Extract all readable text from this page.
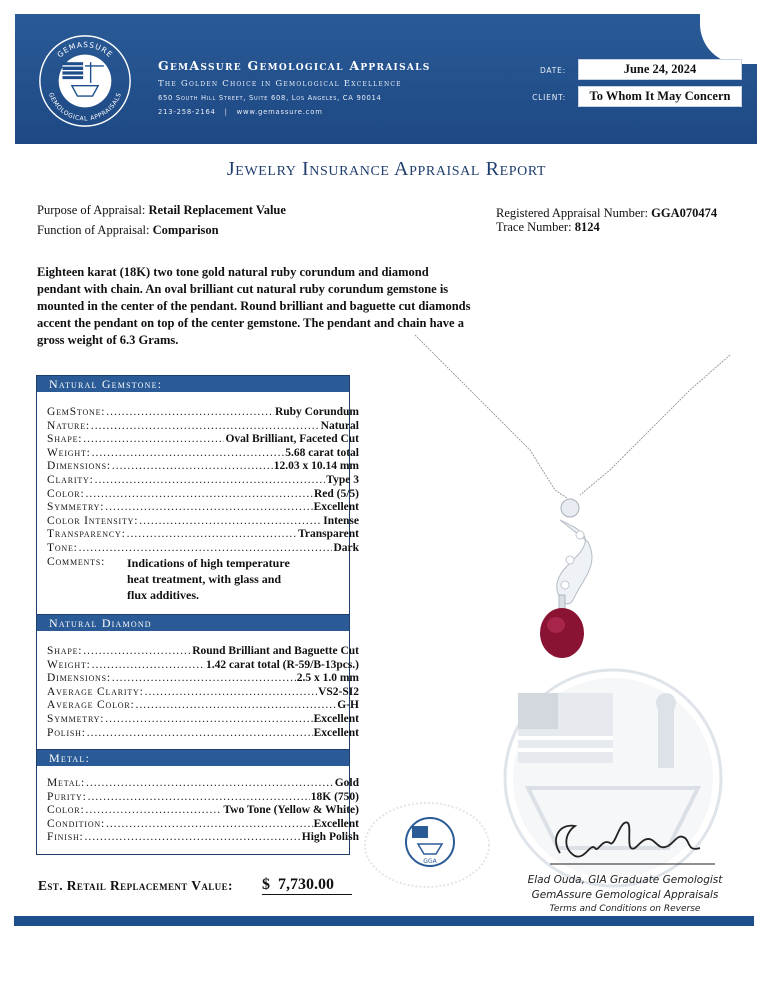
GEMASSURE
GEMOLOGICAL APPRAISALS
GemAssure Gemological Appraisals
The Golden Choice in Gemological Excellence
650 South Hill Street, Suite 608, Los Angeles, CA 90014
213-258-2164 | www.gemassure.com
DATE:	June 24, 2024
CLIENT:	To Whom It May Concern
Jewelry Insurance Appraisal Report
Purpose of Appraisal: Retail Replacement Value
Function of Appraisal: Comparison
Registered Appraisal Number: GGA070474
Trace Number: 8124
Eighteen karat (18K) two tone gold natural ruby corundum and diamond pendant with chain. An oval brilliant cut natural ruby corundum gemstone is mounted in the center of the pendant. Round brilliant and baguette cut diamonds accent the pendant on top of the center gemstone. The pendant and chain have a gross weight of 6.3 Grams.
Natural Gemstone:
GemStone: .....	Ruby Corundum
Nature: .....	Natural
Shape: .....	Oval Brilliant, Faceted Cut
Weight: .....	5.68 carat total
Dimensions: .....	12.03 x 10.14 mm
Clarity: .....	Type 3
Color: .....	Red (5/5)
Symmetry: .....	Excellent
Color Intensity: .....	Intense
Transparency: .....	Transparent
Tone: .....	Dark
Comments:	Indications of high temperature
heat treatment, with glass and
flux additives.
Natural Diamond
Shape: .....	Round Brilliant and Baguette Cut
Weight: .....	1.42 carat total (R-59/B-13pcs.)
Dimensions: .....	2.5 x 1.0 mm
Average Clarity: .....	VS2-SI2
Average Color: .....	G-H
Symmetry: .....	Excellent
Polish: .....	Excellent
Metal:
Metal: .....	Gold
Purity: .....	18K (750)
Color: .....	Two Tone (Yellow & White)
Condition: .....	Excellent
Finish: .....	High Polish
Est. Retail Replacement Value: $ 7,730.00
GGA
Elad Ouda, GIA Graduate Gemologist
GemAssure Gemological Appraisals
Terms and Conditions on Reverse
